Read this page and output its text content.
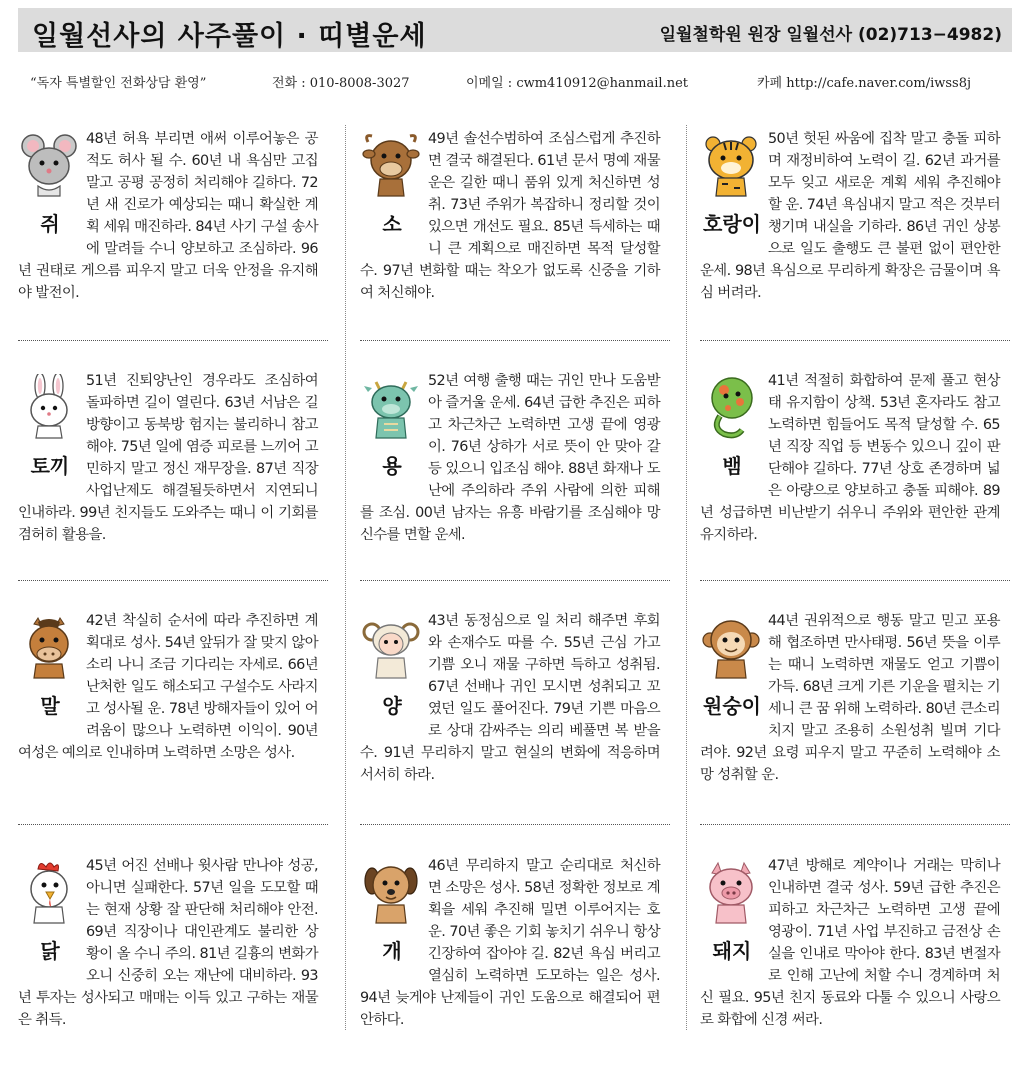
일월선사의 사주풀이 · 띠별운세	일월철학원 원장 일월선사 (02)713−4982)
“독자 특별할인 전화상담 환영”	전화 : 010-8008-3027	이메일 : cwm410912@hanmail.net	카페 http://cafe.naver.com/iwss8j
쥐

48년 허욕 부리면 애써 이루어놓은 공적도 허사 될 수. 60년 내 욕심만 고집 말고 공평 공정히 처리해야 길하다. 72년 새 진로가 예상되는 때니 확실한 계획 세워 매진하라. 84년 사기 구설 송사에 말려들 수니 양보하고 조심하라. 96년 권태로 게으름 피우지 말고 더욱 안정을 유지해야 발전이.

소

49년 솔선수범하여 조심스럽게 추진하면 결국 해결된다. 61년 문서 명예 재물운은 길한 때니 품위 있게 처신하면 성취. 73년 주위가 복잡하니 정리할 것이 있으면 개선도 필요. 85년 득세하는 때니 큰 계획으로 매진하면 목적 달성할 수. 97년 변화할 때는 착오가 없도록 신중을 기하여 처신해야.

호랑이

50년 헛된 싸움에 집착 말고 충돌 피하며 재정비하여 노력이 길. 62년 과거를 모두 잊고 새로운 계획 세워 추진해야 할 운. 74년 욕심내지 말고 적은 것부터 챙기며 내실을 기하라. 86년 귀인 상봉으로 일도 출행도 큰 불편 없이 편안한 운세. 98년 욕심으로 무리하게 확장은 금물이며 욕심 버려라.

토끼

51년 진퇴양난인 경우라도 조심하여 돌파하면 길이 열린다. 63년 서남은 길 방향이고 동북방 험지는 불리하니 참고해야. 75년 일에 염증 피로를 느끼어 고민하지 말고 정신 재무장을. 87년 직장 사업난제도 해결될듯하면서 지연되니 인내하라. 99년 친지들도 도와주는 때니 이 기회를 겸허히 활용을.

용

52년 여행 출행 때는 귀인 만나 도움받아 즐거울 운세. 64년 급한 추진은 피하고 차근차근 노력하면 고생 끝에 영광이. 76년 상하가 서로 뜻이 안 맞아 갈등 있으니 입조심 해야. 88년 화재나 도난에 주의하라 주위 사람에 의한 피해를 조심. 00년 남자는 유흥 바람기를 조심해야 망신수를 면할 운세.

뱀

41년 적절히 화합하여 문제 풀고 현상태 유지함이 상책. 53년 혼자라도 참고 노력하면 힘들어도 목적 달성할 수. 65년 직장 직업 등 변동수 있으니 깊이 판단해야 길하다. 77년 상호 존경하며 넓은 아량으로 양보하고 충돌 피해야. 89년 성급하면 비난받기 쉬우니 주위와 편안한 관계 유지하라.

말

42년 착실히 순서에 따라 추진하면 계획대로 성사. 54년 앞뒤가 잘 맞지 않아 소리 나니 조금 기다리는 자세로. 66년 난처한 일도 해소되고 구설수도 사라지고 성사될 운. 78년 방해자들이 있어 어려움이 많으나 노력하면 이익이. 90년 여성은 예의로 인내하며 노력하면 소망은 성사.

양

43년 동정심으로 일 처리 해주면 후회와 손재수도 따를 수. 55년 근심 가고 기쁨 오니 재물 구하면 득하고 성취됨. 67년 선배나 귀인 모시면 성취되고 꼬였던 일도 풀어진다. 79년 기쁜 마음으로 상대 감싸주는 의리 베풀면 복 받을 수. 91년 무리하지 말고 현실의 변화에 적응하며 서서히 하라.

원숭이

44년 권위적으로 행동 말고 믿고 포용해 협조하면 만사태평. 56년 뜻을 이루는 때니 노력하면 재물도 얻고 기쁨이 가득. 68년 크게 기른 기운을 펼치는 기세니 큰 꿈 위해 노력하라. 80년 큰소리치지 말고 조용히 소원성취 빌며 기다려야. 92년 요령 피우지 말고 꾸준히 노력해야 소망 성취할 운.

닭

45년 어진 선배나 윗사람 만나야 성공, 아니면 실패한다. 57년 일을 도모할 때는 현재 상황 잘 판단해 처리해야 안전. 69년 직장이나 대인관계도 불리한 상황이 올 수니 주의. 81년 길흉의 변화가 오니 신중히 오는 재난에 대비하라. 93년 투자는 성사되고 매매는 이득 있고 구하는 재물은 취득.

개

46년 무리하지 말고 순리대로 처신하면 소망은 성사. 58년 정확한 정보로 계획을 세워 추진해 밀면 이루어지는 호운. 70년 좋은 기회 놓치기 쉬우니 항상 긴장하여 잡아야 길. 82년 욕심 버리고 열심히 노력하면 도모하는 일은 성사. 94년 늦게야 난제들이 귀인 도움으로 해결되어 편안하다.

돼지

47년 방해로 계약이나 거래는 막히나 인내하면 결국 성사. 59년 급한 추진은 피하고 차근차근 노력하면 고생 끝에 영광이. 71년 사업 부진하고 금전상 손실을 인내로 막아야 한다. 83년 변절자로 인해 고난에 처할 수니 경계하며 처신 필요. 95년 친지 동료와 다툴 수 있으니 사랑으로 화합에 신경 써라.
